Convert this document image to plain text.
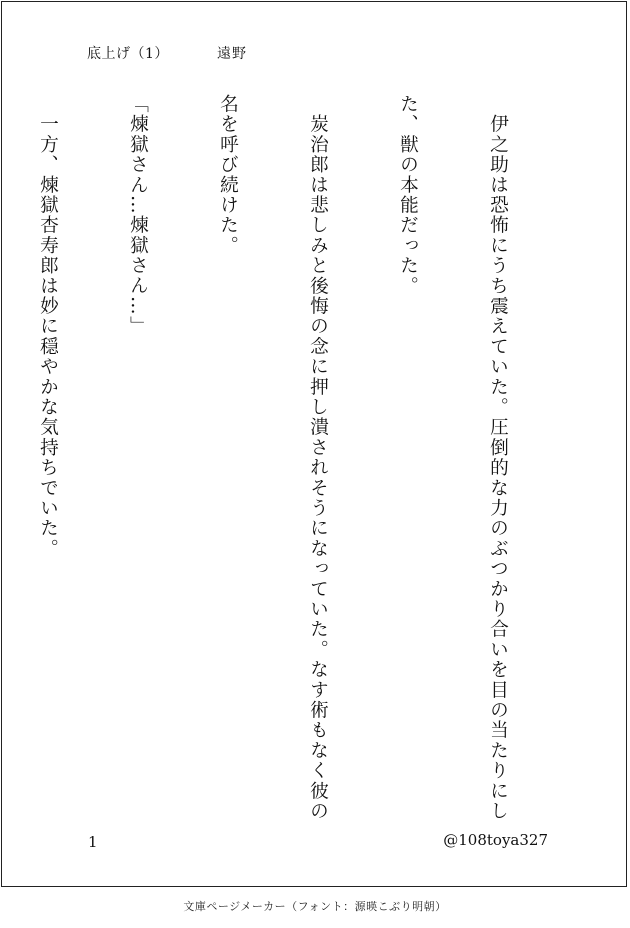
底上げ（1）	遠野

　伊之助は恐怖にうち震えていた。圧倒的な力のぶつかり合いを目の当たりにし

た、獣の本能だった。

　炭治郎は悲しみと後悔の念に押し潰されそうになっていた。なす術もなく彼の

名を呼び続けた。

「煉獄さん…煉獄さん…」

　一方、煉獄杏寿郎は妙に穏やかな気持ちでいた。

1	@108toya327
文庫ページメーカー（フォント：源暎こぶり明朝）
